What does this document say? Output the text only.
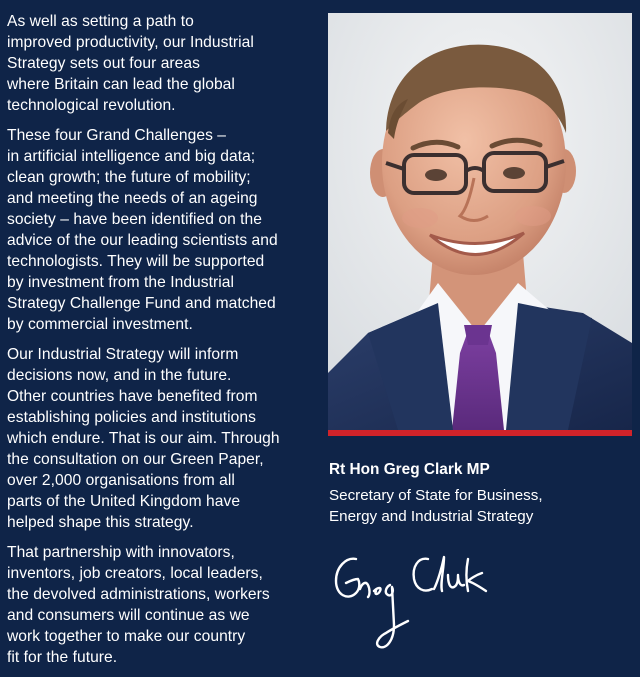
As well as setting a path to
improved productivity, our Industrial
Strategy sets out four areas
where Britain can lead the global
technological revolution.

These four Grand Challenges –
in artificial intelligence and big data;
clean growth; the future of mobility;
and meeting the needs of an ageing
society – have been identified on the
advice of the our leading scientists and
technologists. They will be supported
by investment from the Industrial
Strategy Challenge Fund and matched
by commercial investment.

Our Industrial Strategy will inform
decisions now, and in the future.
Other countries have benefited from
establishing policies and institutions
which endure. That is our aim. Through
the consultation on our Green Paper,
over 2,000 organisations from all
parts of the United Kingdom have
helped shape this strategy.

That partnership with innovators,
inventors, job creators, local leaders,
the devolved administrations, workers
and consumers will continue as we
work together to make our country
fit for the future.

Rt Hon Greg Clark MP

Secretary of State for Business,
Energy and Industrial Strategy
